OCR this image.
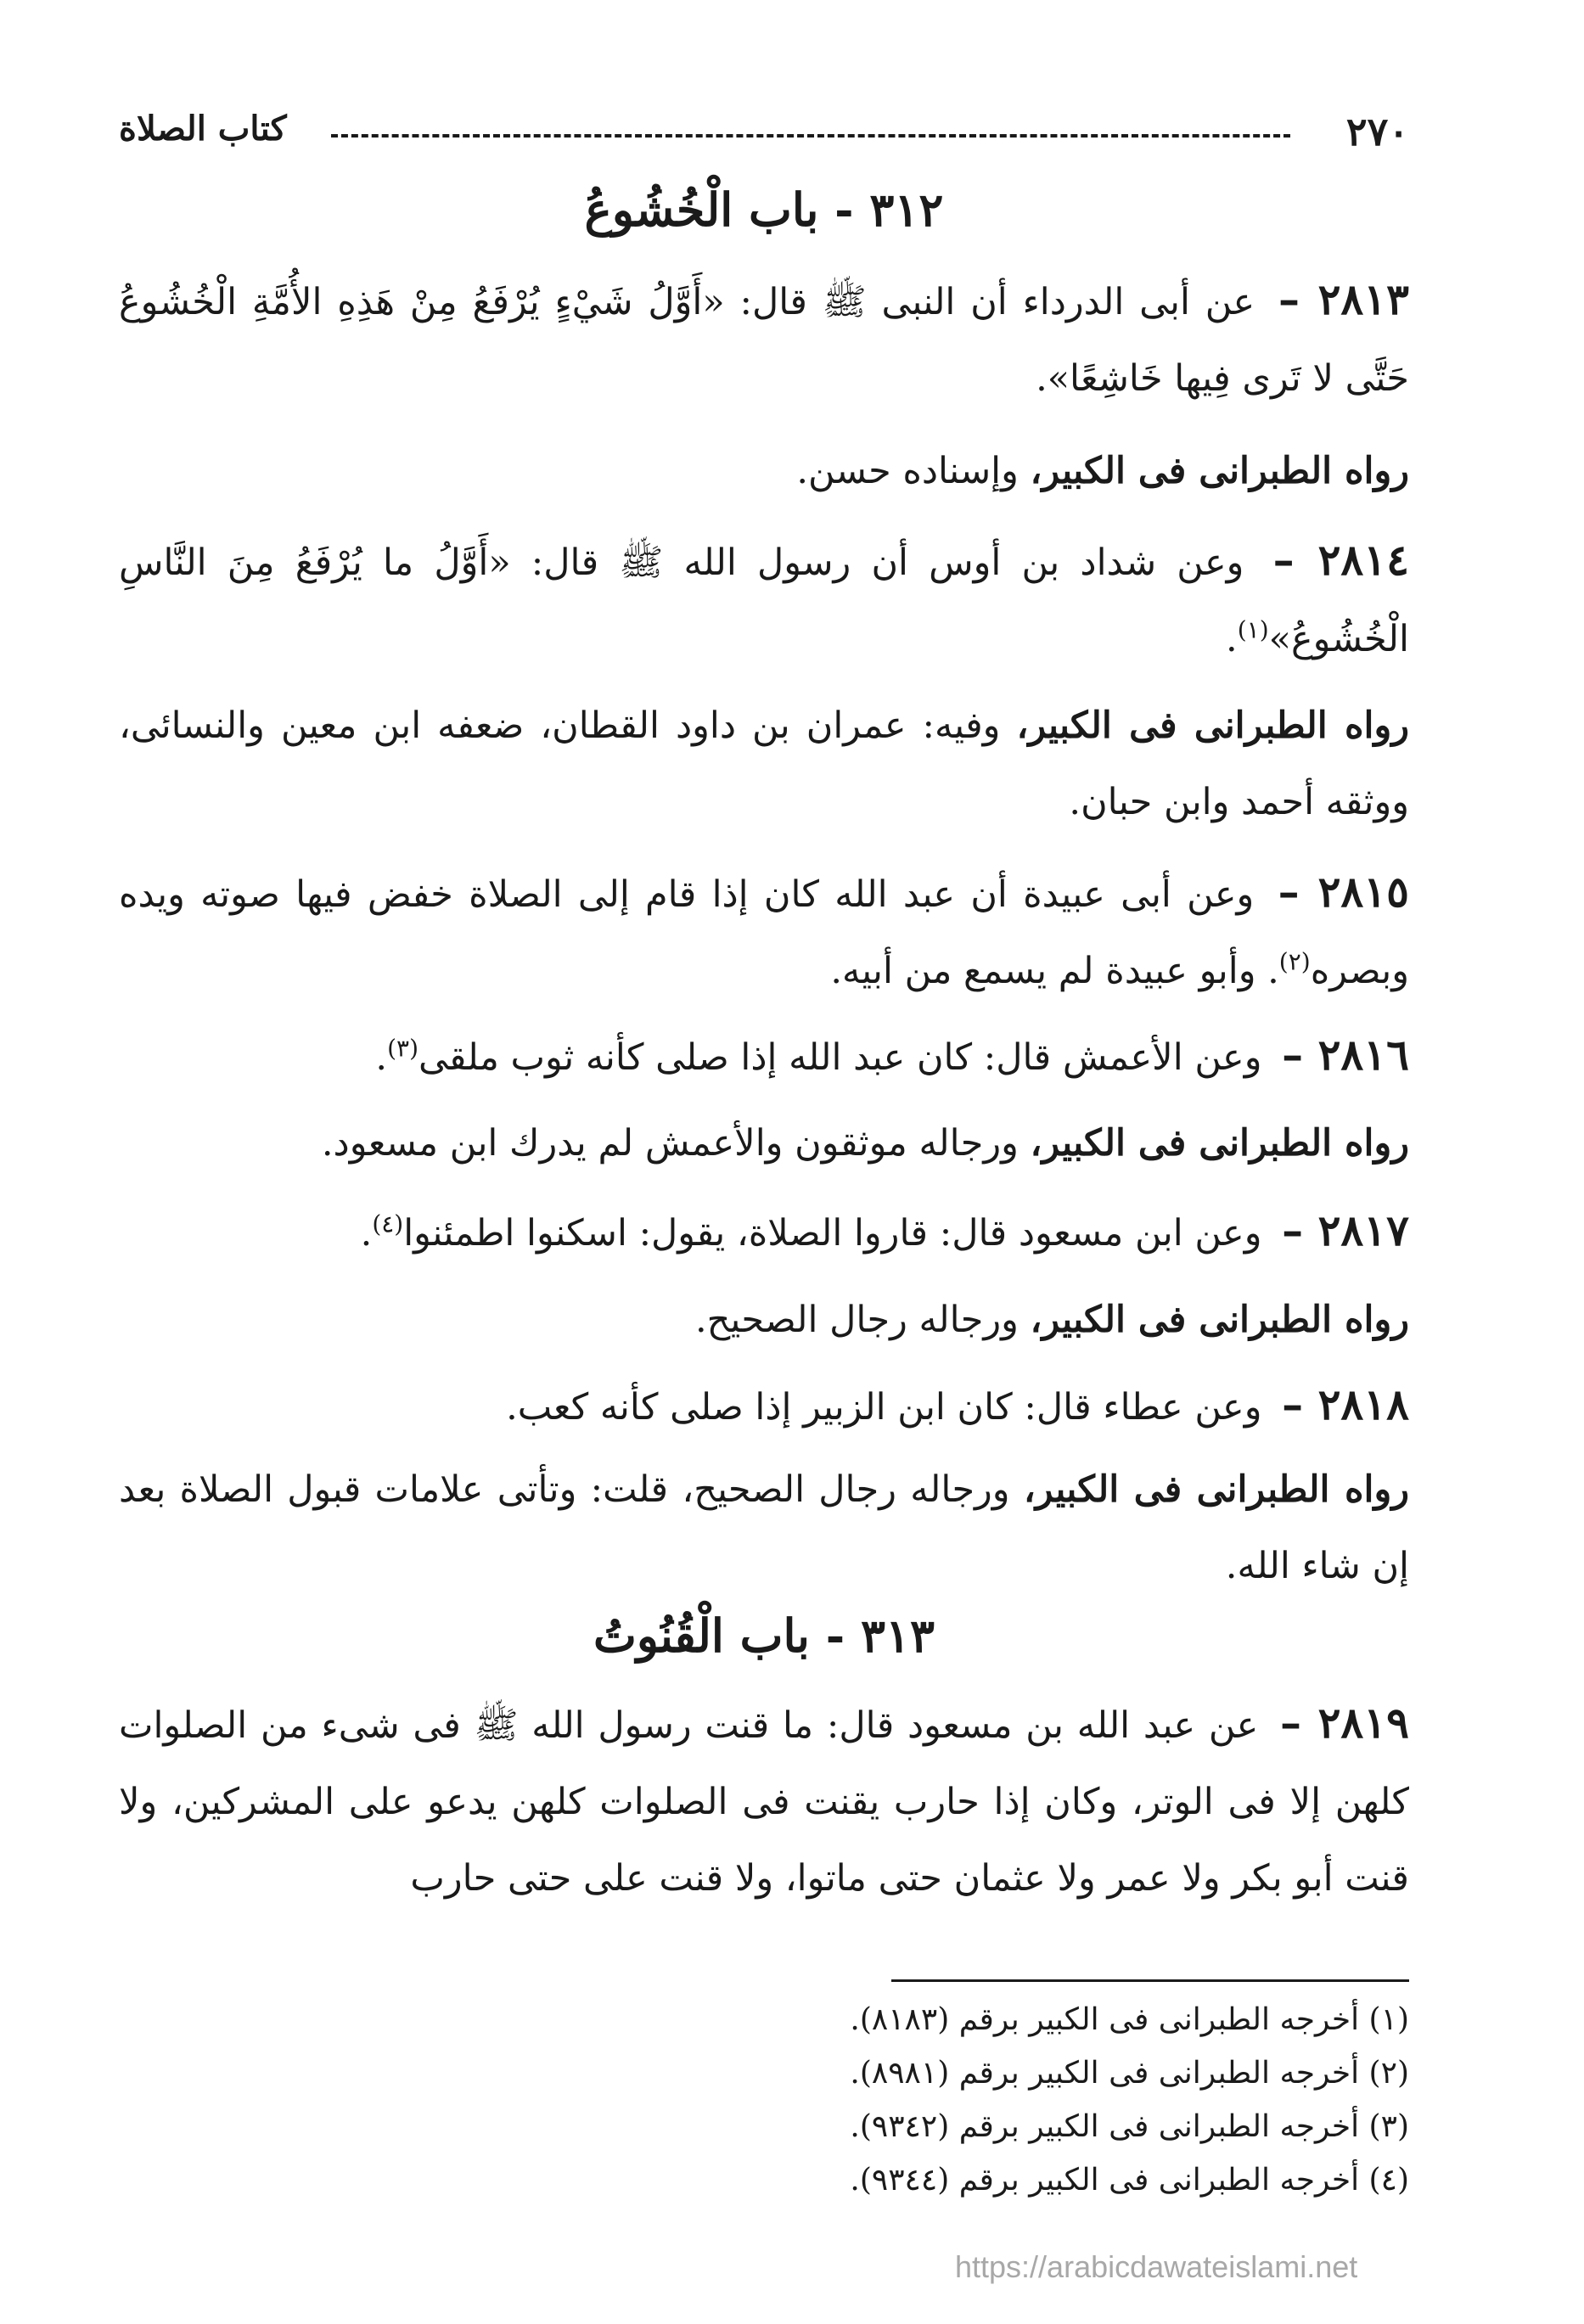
٢٧٠
كتاب الصلاة
٣١٢ - باب الْخُشُوعُ
٢٨١٣ – عن أبى الدرداء أن النبى ﷺ قال: «أَوَّلُ شَيْءٍ يُرْفَعُ مِنْ هَذِهِ الأُمَّةِ الْخُشُوعُ حَتَّى لا تَرى فِيها خَاشِعًا».
رواه الطبرانى فى الكبير، وإسناده حسن.
٢٨١٤ – وعن شداد بن أوس أن رسول الله ﷺ قال: «أَوَّلُ ما يُرْفَعُ مِنَ النَّاسِ الْخُشُوعُ»$^{(١)}$.
رواه الطبرانى فى الكبير، وفيه: عمران بن داود القطان، ضعفه ابن معين والنسائى، ووثقه أحمد وابن حبان.
٢٨١٥ – وعن أبى عبيدة أن عبد الله كان إذا قام إلى الصلاة خفض فيها صوته ويده وبصره$^{(٢)}$. وأبو عبيدة لم يسمع من أبيه.
٢٨١٦ – وعن الأعمش قال: كان عبد الله إذا صلى كأنه ثوب ملقى$^{(٣)}$.
رواه الطبرانى فى الكبير، ورجاله موثقون والأعمش لم يدرك ابن مسعود.
٢٨١٧ – وعن ابن مسعود قال: قاروا الصلاة، يقول: اسكنوا اطمئنوا$^{(٤)}$.
رواه الطبرانى فى الكبير، ورجاله رجال الصحيح.
٢٨١٨ – وعن عطاء قال: كان ابن الزبير إذا صلى كأنه كعب.
رواه الطبرانى فى الكبير، ورجاله رجال الصحيح، قلت: وتأتى علامات قبول الصلاة بعد إن شاء الله.
٣١٣ - باب الْقُنُوتُ
٢٨١٩ – عن عبد الله بن مسعود قال: ما قنت رسول الله ﷺ فى شىء من الصلوات كلهن إلا فى الوتر، وكان إذا حارب يقنت فى الصلوات كلهن يدعو على المشركين، ولا قنت أبو بكر ولا عمر ولا عثمان حتى ماتوا، ولا قنت على حتى حارب
(١) أخرجه الطبرانى فى الكبير برقم (٨١٨٣).
(٢) أخرجه الطبرانى فى الكبير برقم (٨٩٨١).
(٣) أخرجه الطبرانى فى الكبير برقم (٩٣٤٢).
(٤) أخرجه الطبرانى فى الكبير برقم (٩٣٤٤).
https://arabicdawateislami.net
